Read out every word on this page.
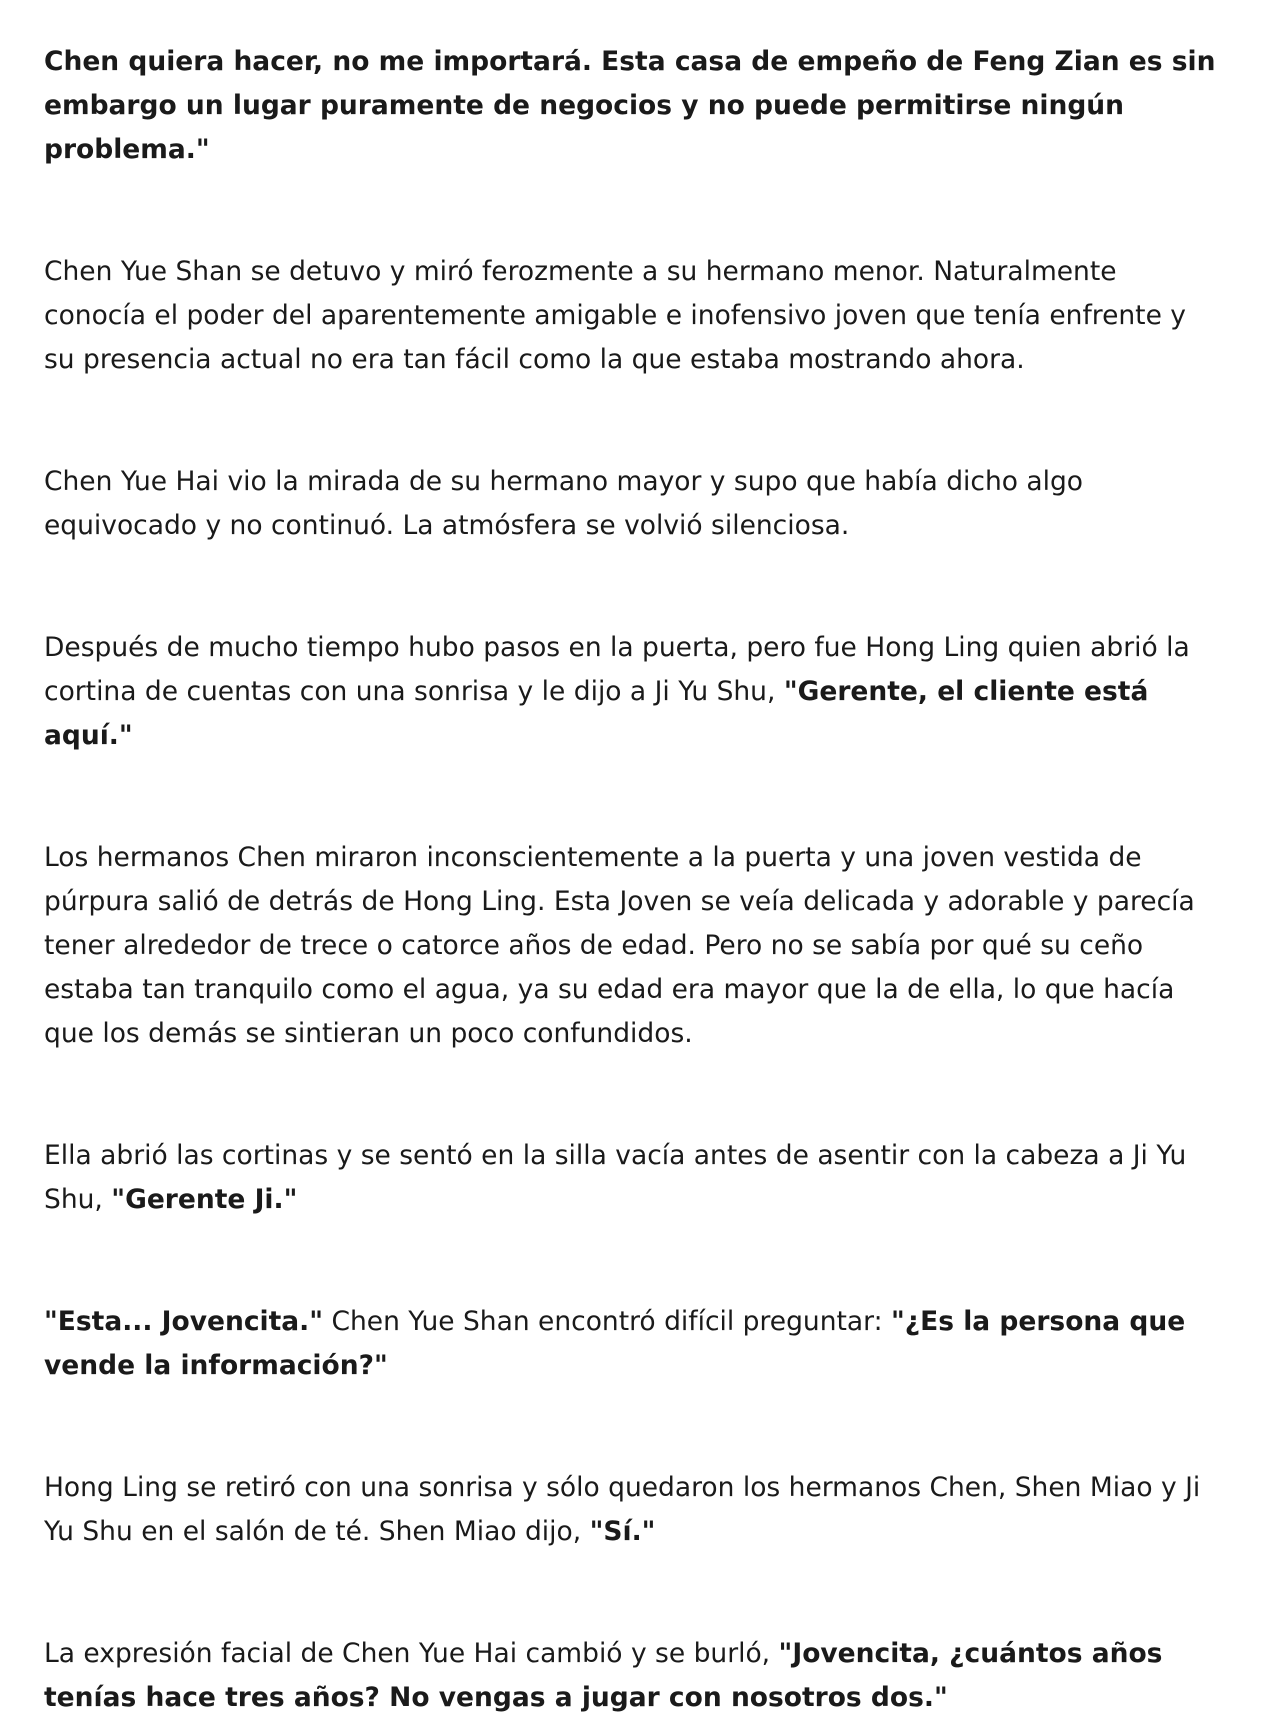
Chen quiera hacer, no me importará. Esta casa de empeño de Feng Zian es sin
embargo un lugar puramente de negocios y no puede permitirse ningún problema."
Chen Yue Shan se detuvo y miró ferozmente a su hermano menor. Naturalmente
conocía el poder del aparentemente amigable e inofensivo joven que tenía enfrente y
su presencia actual no era tan fácil como la que estaba mostrando ahora.
Chen Yue Hai vio la mirada de su hermano mayor y supo que había dicho algo
equivocado y no continuó. La atmósfera se volvió silenciosa.
Después de mucho tiempo hubo pasos en la puerta, pero fue Hong Ling quien abrió la
cortina de cuentas con una sonrisa y le dijo a Ji Yu Shu, "Gerente, el cliente está aquí."
Los hermanos Chen miraron inconscientemente a la puerta y una joven vestida de
púrpura salió de detrás de Hong Ling. Esta Joven se veía delicada y adorable y parecía
tener alrededor de trece o catorce años de edad. Pero no se sabía por qué su ceño
estaba tan tranquilo como el agua, ya su edad era mayor que la de ella, lo que hacía
que los demás se sintieran un poco confundidos.
Ella abrió las cortinas y se sentó en la silla vacía antes de asentir con la cabeza a Ji Yu
Shu, "Gerente Ji."
"Esta... Jovencita." Chen Yue Shan encontró difícil preguntar: "¿Es la persona que
vende la información?"
Hong Ling se retiró con una sonrisa y sólo quedaron los hermanos Chen, Shen Miao y Ji
Yu Shu en el salón de té. Shen Miao dijo, "Sí."
La expresión facial de Chen Yue Hai cambió y se burló, "Jovencita, ¿cuántos años
tenías hace tres años? No vengas a jugar con nosotros dos."
